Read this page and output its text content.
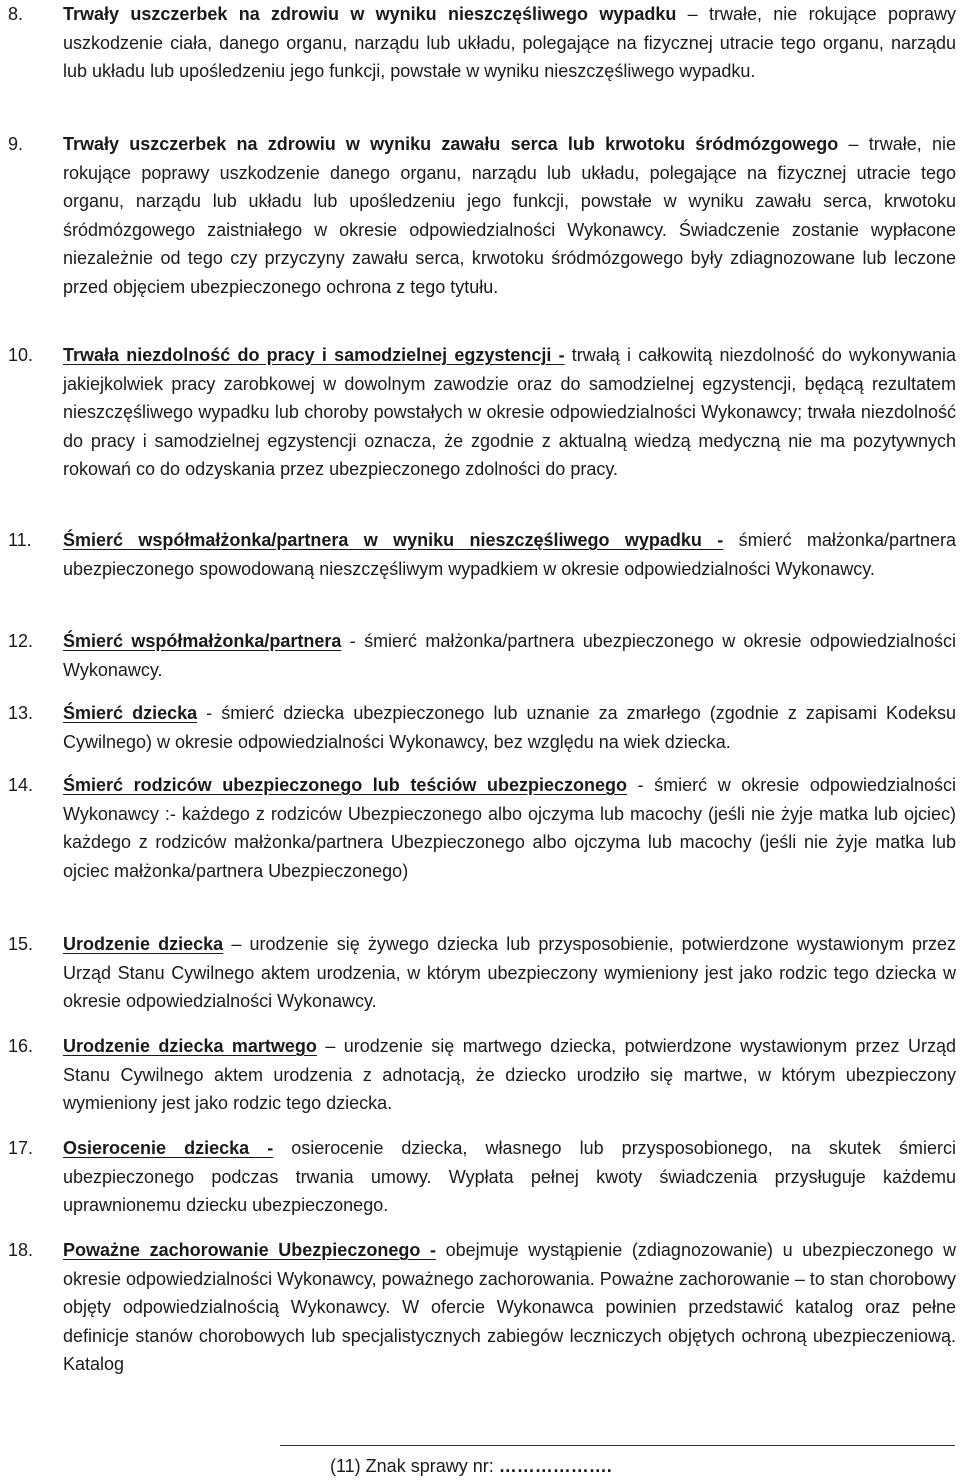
8.	Trwały uszczerbek na zdrowiu w wyniku nieszczęśliwego wypadku – trwałe, nie rokujące poprawy uszkodzenie ciała, danego organu, narządu lub układu, polegające na fizycznej utracie tego organu, narządu lub układu lub upośledzeniu jego funkcji, powstałe w wyniku nieszczęśliwego wypadku.
9.	Trwały uszczerbek na zdrowiu w wyniku zawału serca lub krwotoku śródmózgowego – trwałe, nie rokujące poprawy uszkodzenie danego organu, narządu lub układu, polegające na fizycznej utracie tego organu, narządu lub układu lub upośledzeniu jego funkcji, powstałe w wyniku zawału serca, krwotoku śródmózgowego zaistniałego w okresie odpowiedzialności Wykonawcy. Świadczenie zostanie wypłacone niezależnie od tego czy przyczyny zawału serca, krwotoku śródmózgowego były zdiagnozowane lub leczone przed objęciem ubezpieczonego ochrona z tego tytułu.
10.	Trwała niezdolność do pracy i samodzielnej egzystencji - trwałą i całkowitą niezdolność do wykonywania jakiejkolwiek pracy zarobkowej w dowolnym zawodzie oraz do samodzielnej egzystencji, będącą rezultatem nieszczęśliwego wypadku lub choroby powstałych w okresie odpowiedzialności Wykonawcy; trwała niezdolność do pracy i samodzielnej egzystencji oznacza, że zgodnie z aktualną wiedzą medyczną nie ma pozytywnych rokowań co do odzyskania przez ubezpieczonego zdolności do pracy.
11.	Śmierć współmałżonka/partnera w wyniku nieszczęśliwego wypadku - śmierć małżonka/partnera ubezpieczonego spowodowaną nieszczęśliwym wypadkiem w okresie odpowiedzialności Wykonawcy.
12.	Śmierć współmałżonka/partnera - śmierć małżonka/partnera ubezpieczonego w okresie odpowiedzialności Wykonawcy.
13.	Śmierć dziecka - śmierć dziecka ubezpieczonego lub uznanie za zmarłego (zgodnie z zapisami Kodeksu Cywilnego) w okresie odpowiedzialności Wykonawcy, bez względu na wiek dziecka.
14.	Śmierć rodziców ubezpieczonego lub teściów ubezpieczonego - śmierć w okresie odpowiedzialności Wykonawcy :- każdego z rodziców Ubezpieczonego albo ojczyma lub macochy (jeśli nie żyje matka lub ojciec) każdego z rodziców małżonka/partnera Ubezpieczonego albo ojczyma lub macochy (jeśli nie żyje matka lub ojciec małżonka/partnera Ubezpieczonego)
15.	Urodzenie dziecka – urodzenie się żywego dziecka lub przysposobienie, potwierdzone wystawionym przez Urząd Stanu Cywilnego aktem urodzenia, w którym ubezpieczony wymieniony jest jako rodzic tego dziecka w okresie odpowiedzialności Wykonawcy.
16.	Urodzenie dziecka martwego – urodzenie się martwego dziecka, potwierdzone wystawionym przez Urząd Stanu Cywilnego aktem urodzenia z adnotacją, że dziecko urodziło się martwe, w którym ubezpieczony wymieniony jest jako rodzic tego dziecka.
17.	Osierocenie dziecka - osierocenie dziecka, własnego lub przysposobionego, na skutek śmierci ubezpieczonego podczas trwania umowy. Wypłata pełnej kwoty świadczenia przysługuje każdemu uprawnionemu dziecku ubezpieczonego.
18.	Poważne zachorowanie Ubezpieczonego - obejmuje wystąpienie (zdiagnozowanie) u ubezpieczonego w okresie odpowiedzialności Wykonawcy, poważnego zachorowania. Poważne zachorowanie – to stan chorobowy objęty odpowiedzialnością Wykonawcy. W ofercie Wykonawca powinien przedstawić katalog oraz pełne definicje stanów chorobowych lub specjalistycznych zabiegów leczniczych objętych ochroną ubezpieczeniową. Katalog
(11) Znak sprawy nr: ……………….
